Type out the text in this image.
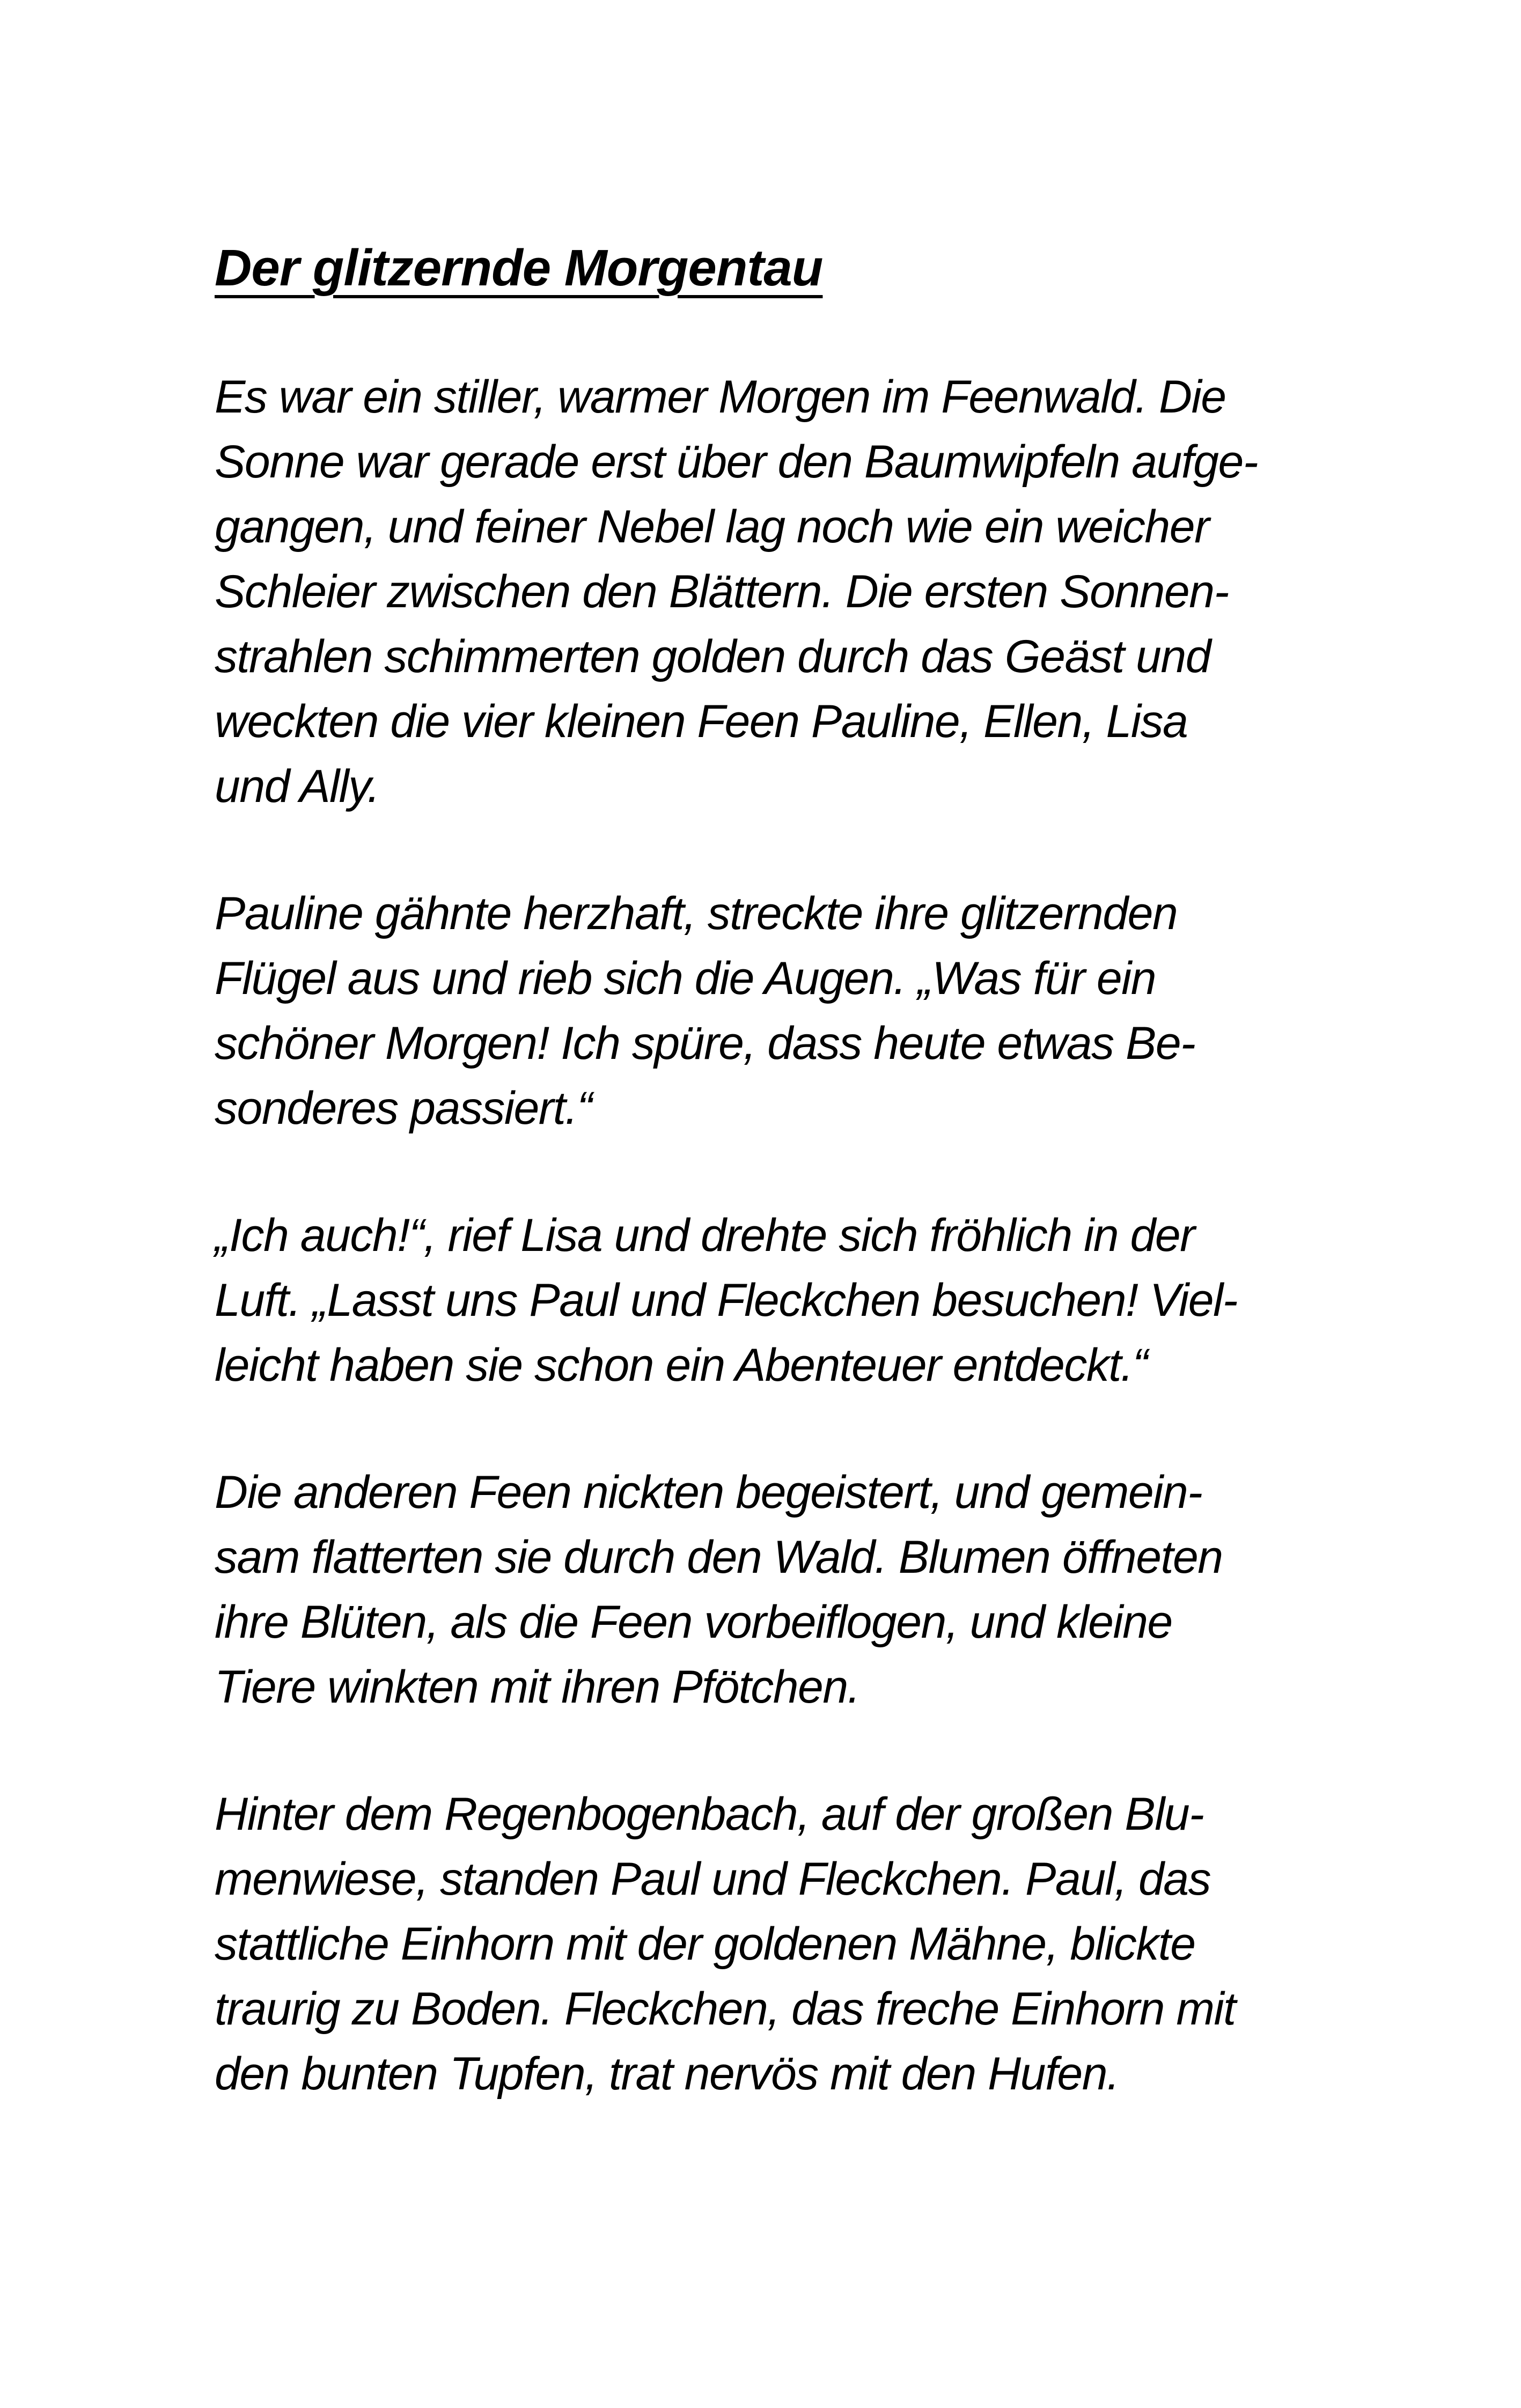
Der glitzernde Morgentau
Es war ein stiller, warmer Morgen im Feenwald. Die
Sonne war gerade erst über den Baumwipfeln aufge-
gangen, und feiner Nebel lag noch wie ein weicher
Schleier zwischen den Blättern. Die ersten Sonnen-
strahlen schimmerten golden durch das Geäst und
weckten die vier kleinen Feen Pauline, Ellen, Lisa
und Ally.
Pauline gähnte herzhaft, streckte ihre glitzernden
Flügel aus und rieb sich die Augen. „Was für ein
schöner Morgen! Ich spüre, dass heute etwas Be-
sonderes passiert.“
„Ich auch!“, rief Lisa und drehte sich fröhlich in der
Luft. „Lasst uns Paul und Fleckchen besuchen! Viel-
leicht haben sie schon ein Abenteuer entdeckt.“
Die anderen Feen nickten begeistert, und gemein-
sam flatterten sie durch den Wald. Blumen öffneten
ihre Blüten, als die Feen vorbeiflogen, und kleine
Tiere winkten mit ihren Pfötchen.
Hinter dem Regenbogenbach, auf der großen Blu-
menwiese, standen Paul und Fleckchen. Paul, das
stattliche Einhorn mit der goldenen Mähne, blickte
traurig zu Boden. Fleckchen, das freche Einhorn mit
den bunten Tupfen, trat nervös mit den Hufen.
